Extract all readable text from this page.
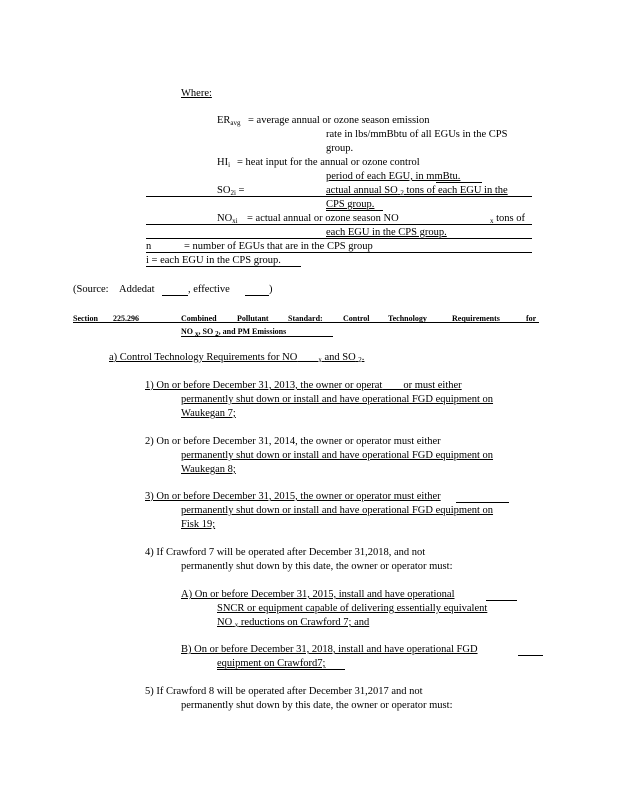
Where:
ERavg = average annual or ozone season emission
rate in lbs/mmBbtu of all EGUs in the CPS
group.
HIi = heat input for the annual or ozone control
period of each EGU, in mmBtu.
SO2i =	actual annual SO 2 tons of each EGU in the
CPS group.
NOxi = actual annual or ozone season NO	x tons of
each EGU in the CPS group.
n	= number of EGUs that are in the CPS group
i = each EGU in the CPS group.
(Source: Addedat	, effective	)
Section 225.296	Combined	Pollutant Standard:	Control Technology	Requirements	for
NO x, SO 2, and PM Emissions
a) Control Technology Requirements for NO	x and SO 2.
1) On or before December 31, 2013, the owner or operat or must either
permanently shut down or install and have operational FGD equipment on
Waukegan 7;
2) On or before December 31, 2014, the owner or operator must either
permanently shut down or install and have operational FGD equipment on
Waukegan 8;
3) On or before December 31, 2015, the owner or operator must either
permanently shut down or install and have operational FGD equipment on
Fisk 19;
4) If Crawford 7 will be operated after December 31,2018, and not
permanently shut down by this date, the owner or operator must:
A) On or before December 31, 2015, install and have operational
SNCR or equipment capable of delivering essentially equivalent
NO x reductions on Crawford 7; and
B) On or before December 31, 2018, install and have operational FGD
equipment on Crawford7;
5) If Crawford 8 will be operated after December 31,2017 and not
permanently shut down by this date, the owner or operator must:
